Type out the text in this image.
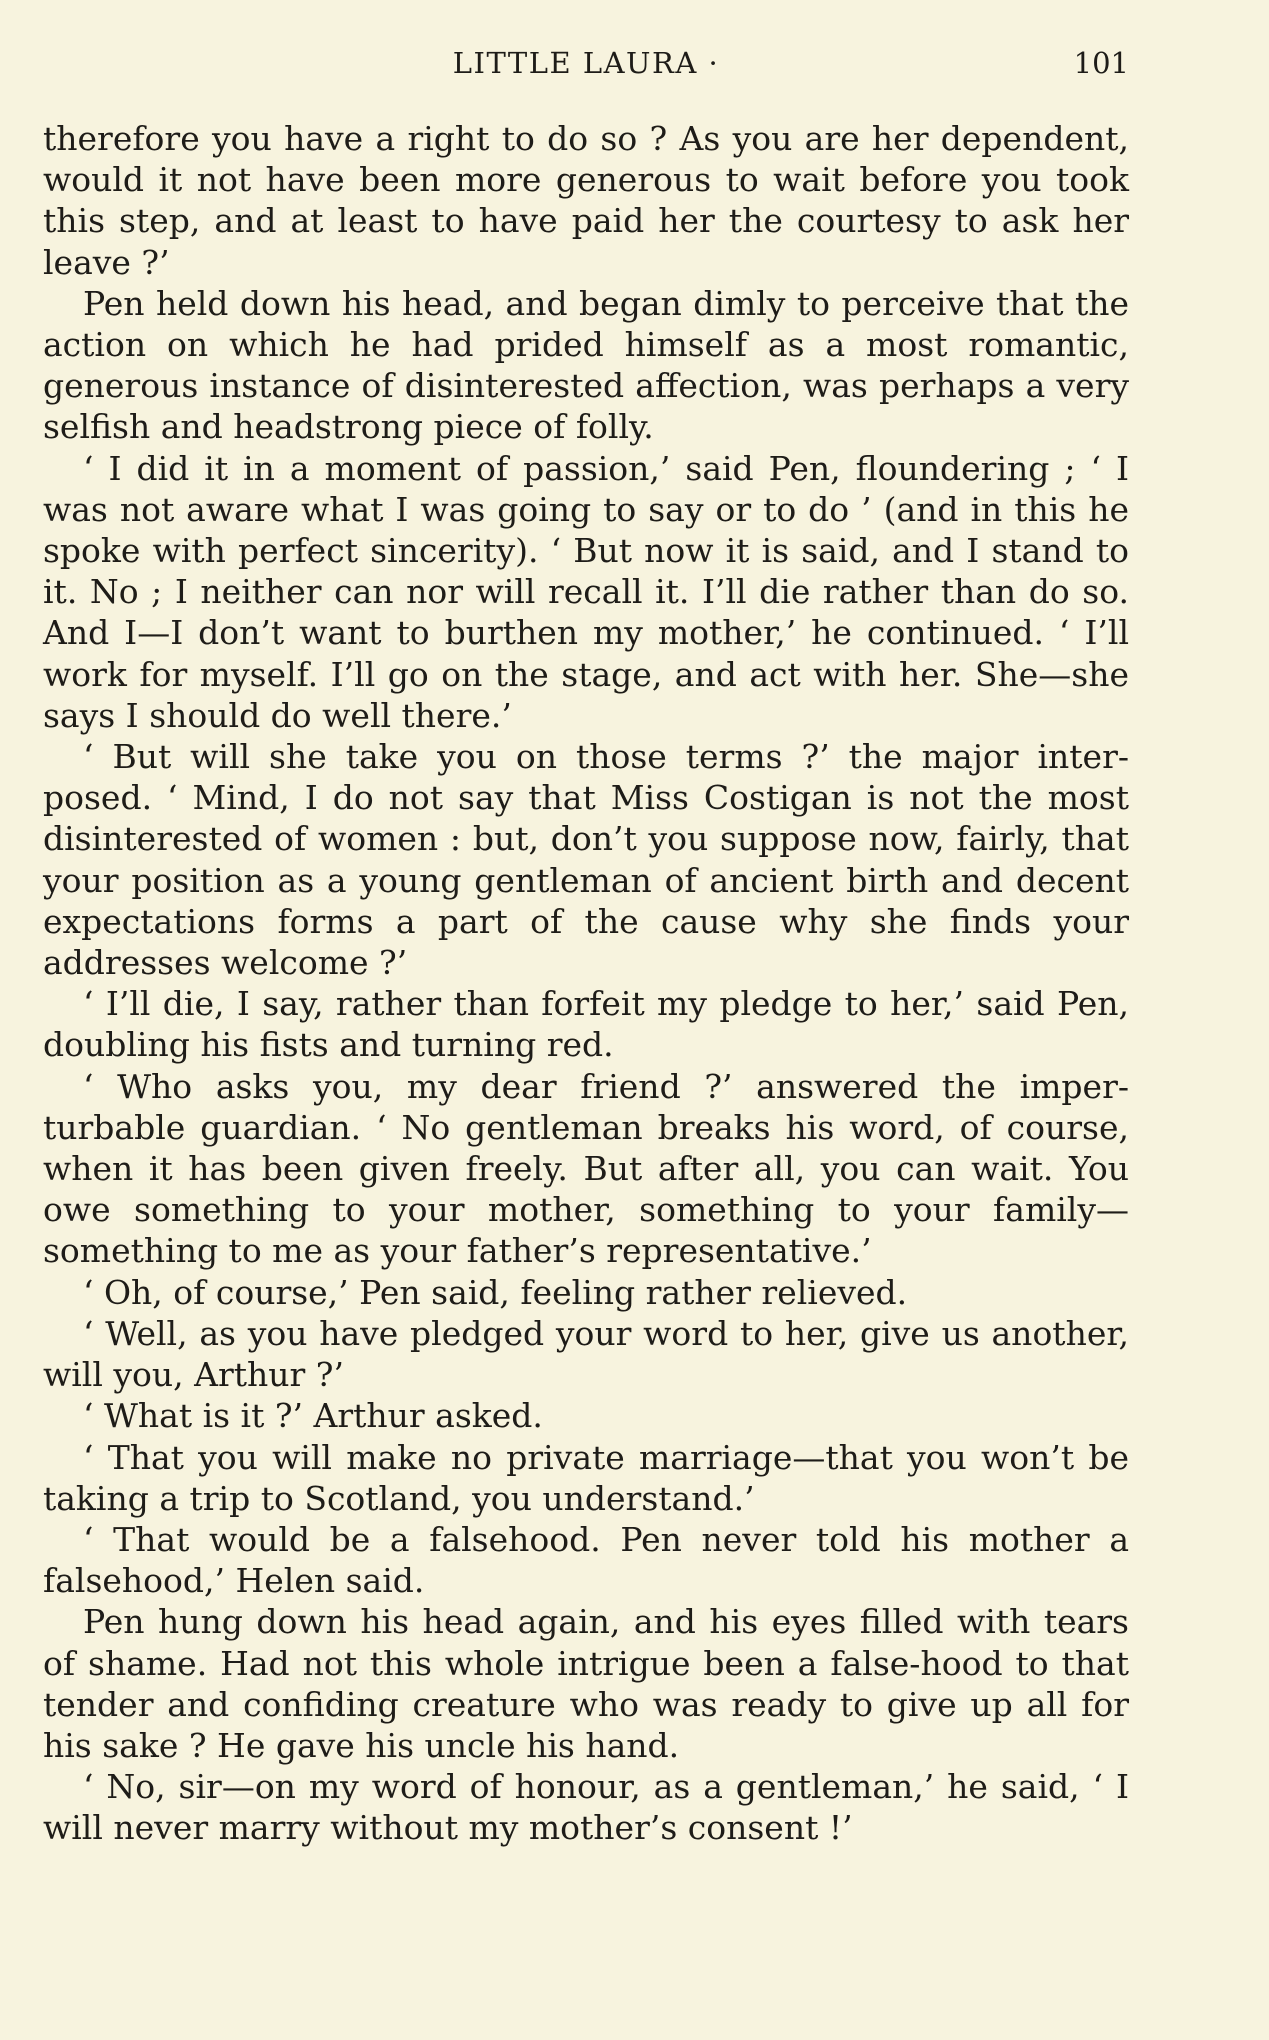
LITTLE LAURA ·	101

therefore you have a right to do so ? As you are her dependent, would it not have been more generous to wait before you took this step, and at least to have paid her the courtesy to ask her leave ?’

Pen held down his head, and began dimly to perceive that the action on which he had prided himself as a most romantic, generous instance of disinterested affection, was perhaps a very selfish and headstrong piece of folly.

‘ I did it in a moment of passion,’ said Pen, floundering ; ‘ I was not aware what I was going to say or to do ’ (and in this he spoke with perfect sincerity). ‘ But now it is said, and I stand to it. No ; I neither can nor will recall it. I’ll die rather than do so. And I—I don’t want to burthen my mother,’ he continued. ‘ I’ll work for myself. I’ll go on the stage, and act with her. She—she says I should do well there.’

‘ But will she take you on those terms ?’ the major inter-posed. ‘ Mind, I do not say that Miss Costigan is not the most disinterested of women : but, don’t you suppose now, fairly, that your position as a young gentleman of ancient birth and decent expectations forms a part of the cause why she finds your addresses welcome ?’

‘ I’ll die, I say, rather than forfeit my pledge to her,’ said Pen, doubling his fists and turning red.

‘ Who asks you, my dear friend ?’ answered the imper-turbable guardian. ‘ No gentleman breaks his word, of course, when it has been given freely. But after all, you can wait. You owe something to your mother, something to your family—something to me as your father’s representative.’

‘ Oh, of course,’ Pen said, feeling rather relieved.

‘ Well, as you have pledged your word to her, give us another, will you, Arthur ?’

‘ What is it ?’ Arthur asked.

‘ That you will make no private marriage—that you won’t be taking a trip to Scotland, you understand.’

‘ That would be a falsehood. Pen never told his mother a falsehood,’ Helen said.

Pen hung down his head again, and his eyes filled with tears of shame. Had not this whole intrigue been a false-hood to that tender and confiding creature who was ready to give up all for his sake ? He gave his uncle his hand.

‘ No, sir—on my word of honour, as a gentleman,’ he said, ‘ I will never marry without my mother’s consent !’
